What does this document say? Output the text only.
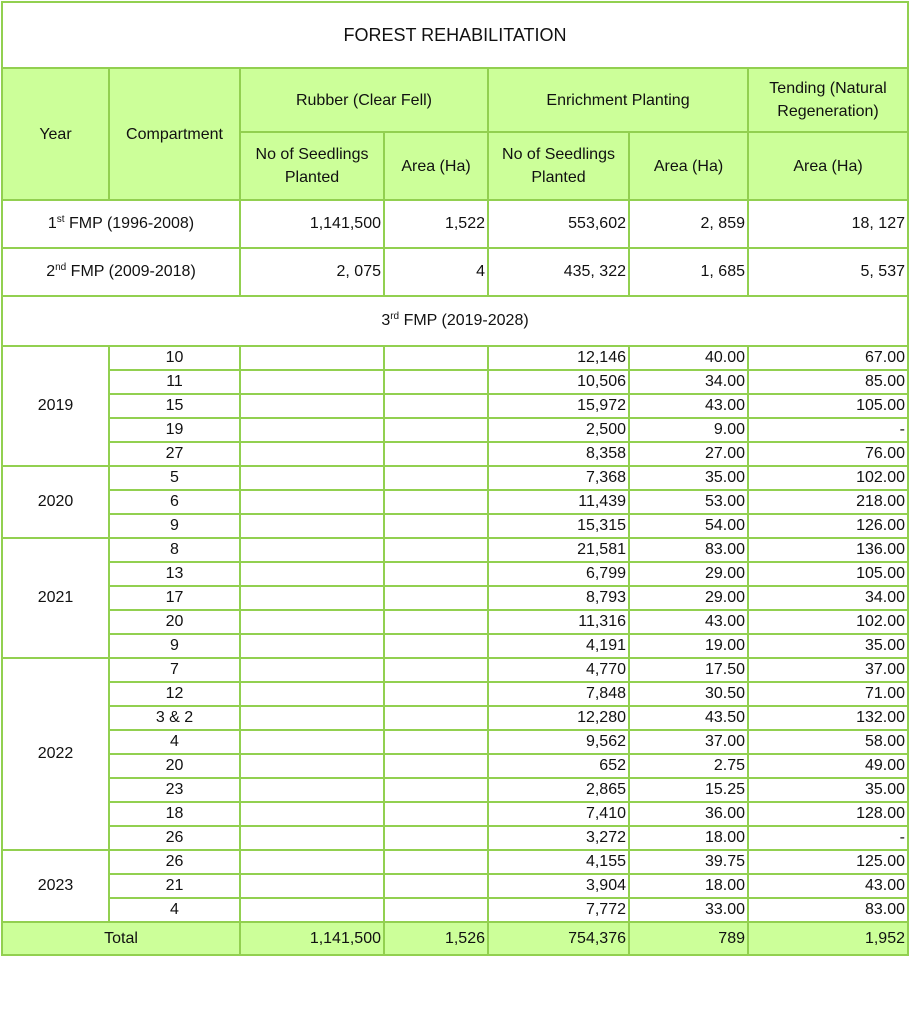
FOREST REHABILITATION						
Year	Compartment	Rubber (Clear Fell)		Enrichment Planting		Tending (Natural Regeneration)
		No of Seedlings Planted	Area (Ha)	No of Seedlings Planted	Area (Ha)	Area (Ha)
1st FMP (1996-2008)		1,141,500	1,522	553,602	2, 859	18, 127
2nd FMP (2009-2018)		2, 075	4	435, 322	1, 685	5, 537
3rd FMP (2019-2028)						
2019	10			12,146	40.00	67.00
	11			10,506	34.00	85.00
	15			15,972	43.00	105.00
	19			2,500	9.00	-
	27			8,358	27.00	76.00
2020	5			7,368	35.00	102.00
	6			11,439	53.00	218.00
	9			15,315	54.00	126.00
2021	8			21,581	83.00	136.00
	13			6,799	29.00	105.00
	17			8,793	29.00	34.00
	20			11,316	43.00	102.00
	9			4,191	19.00	35.00
2022	7			4,770	17.50	37.00
	12			7,848	30.50	71.00
	3 & 2			12,280	43.50	132.00
	4			9,562	37.00	58.00
	20			652	2.75	49.00
	23			2,865	15.25	35.00
	18			7,410	36.00	128.00
	26			3,272	18.00	-
2023	26			4,155	39.75	125.00
	21			3,904	18.00	43.00
	4			7,772	33.00	83.00
Total		1,141,500	1,526	754,376	789	1,952
